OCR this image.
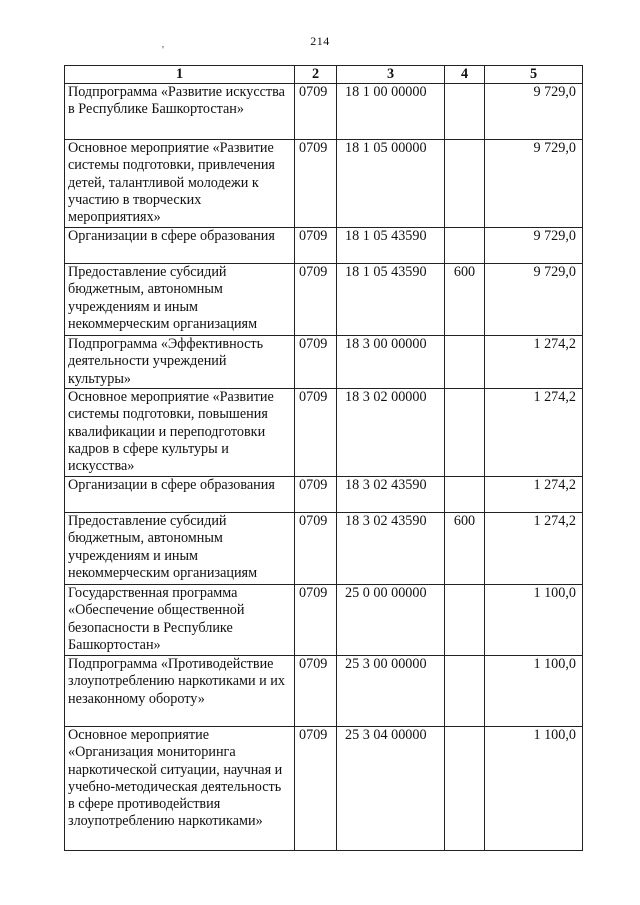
214
'
1	2	3	4	5
Подпрограмма «Развитие искусства в Республике Башкортостан»	0709	18 1 00 00000		9 729,0
Основное мероприятие «Развитие системы подготовки, привлечения детей, талантливой молодежи к участию в творческих мероприятиях»	0709	18 1 05 00000		9 729,0
Организации в сфере образования	0709	18 1 05 43590		9 729,0
Предоставление субсидий бюджетным, автономным учреждениям и иным некоммерческим организациям	0709	18 1 05 43590	600	9 729,0
Подпрограмма «Эффективность деятельности учреждений культуры»	0709	18 3 00 00000		1 274,2
Основное мероприятие «Развитие системы подготовки, повышения квалификации и переподготовки кадров в сфере культуры и искусства»	0709	18 3 02 00000		1 274,2
Организации в сфере образования	0709	18 3 02 43590		1 274,2
Предоставление субсидий бюджетным, автономным учреждениям и иным некоммерческим организациям	0709	18 3 02 43590	600	1 274,2
Государственная программа «Обеспечение общественной безопасности в Республике Башкортостан»	0709	25 0 00 00000		1 100,0
Подпрограмма «Противодействие злоупотреблению наркотиками и их незаконному обороту»	0709	25 3 00 00000		1 100,0
Основное мероприятие «Организация мониторинга наркотической ситуации, научная и учебно-методическая деятельность в сфере противодействия злоупотреблению наркотиками»	0709	25 3 04 00000		1 100,0
